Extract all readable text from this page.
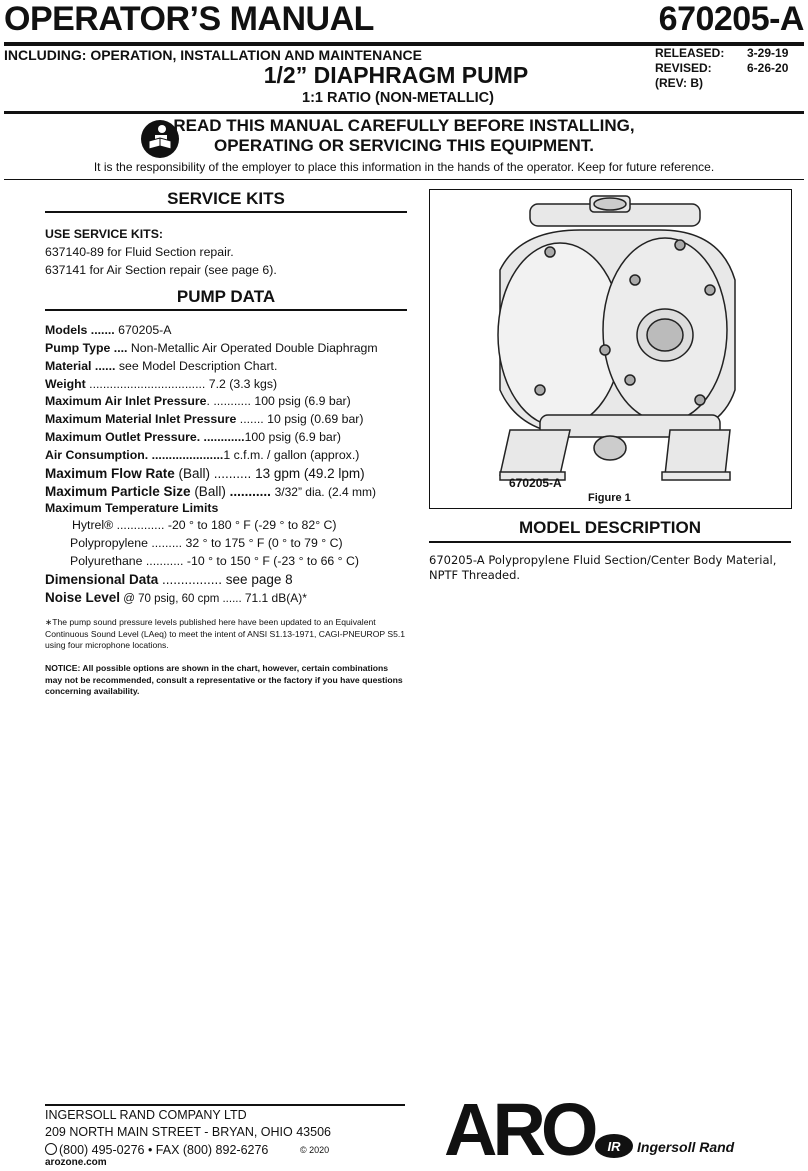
OPERATOR’S MANUAL	670205-A
INCLUDING: OPERATION, INSTALLATION AND MAINTENANCE
1/2” DIAPHRAGM PUMP
1:1 RATIO (NON-METALLIC)
RELEASED: 3-29-19
REVISED:	6-26-20
(REV: B)
READ THIS MANUAL CAREFULLY BEFORE INSTALLING,
OPERATING OR SERVICING THIS EQUIPMENT.
It is the responsibility of the employer to place this information in the hands of the operator. Keep for future reference.
SERVICE KITS
USE SERVICE KITS:
637140-89 for Fluid Section repair.
637141 for Air Section repair (see page 6).
PUMP DATA
Models ....... 670205-A
Pump Type .... Non-Metallic Air Operated Double Diaphragm
Material ...... see Model Description Chart.
Weight .................................. 7.2 (3.3 kgs)
Maximum Air Inlet Pressure. ........... 100 psig (6.9 bar)
Maximum Material Inlet Pressure ....... 10 psig (0.69 bar)
Maximum Outlet Pressure. ............100 psig (6.9 bar)
Air Consumption. .....................1 c.f.m. / gallon (approx.)
Maximum Flow Rate (Ball) .......... 13 gpm (49.2 lpm)
Maximum Particle Size (Ball) ........... 3/32” dia. (2.4 mm)
Maximum Temperature Limits
Hytrel® .............. -20 ° to 180 ° F (-29 ° to 82° C)
Polypropylene ......... 32 ° to 175 ° F (0 ° to 79 ° C)
Polyurethane ........... -10 ° to 150 ° F (-23 ° to 66 ° C)
Dimensional Data ................ see page 8
Noise Level @ 70 psig, 60 cpm ...... 71.1 dB(A)*
∗The pump sound pressure levels published here have been updated to an Equivalent Continuous Sound Level (LAeq) to meet the intent of ANSI S1.13-1971, CAGI-PNEUROP S5.1 using four microphone locations.
NOTICE: All possible options are shown in the chart, however, certain combinations may not be recommended, consult a representative or the factory if you have questions concerning availability.
670205-A
Figure 1
MODEL DESCRIPTION
670205-A Polypropylene Fluid Section/Center Body Material, NPTF Threaded.
INGERSOLL RAND COMPANY LTD
209 NORTH MAIN STREET - BRYAN, OHIO 43506
(800) 495-0276 • FAX (800) 892-6276
arozone.com
© 2020 ARO IR Ingersoll Rand
